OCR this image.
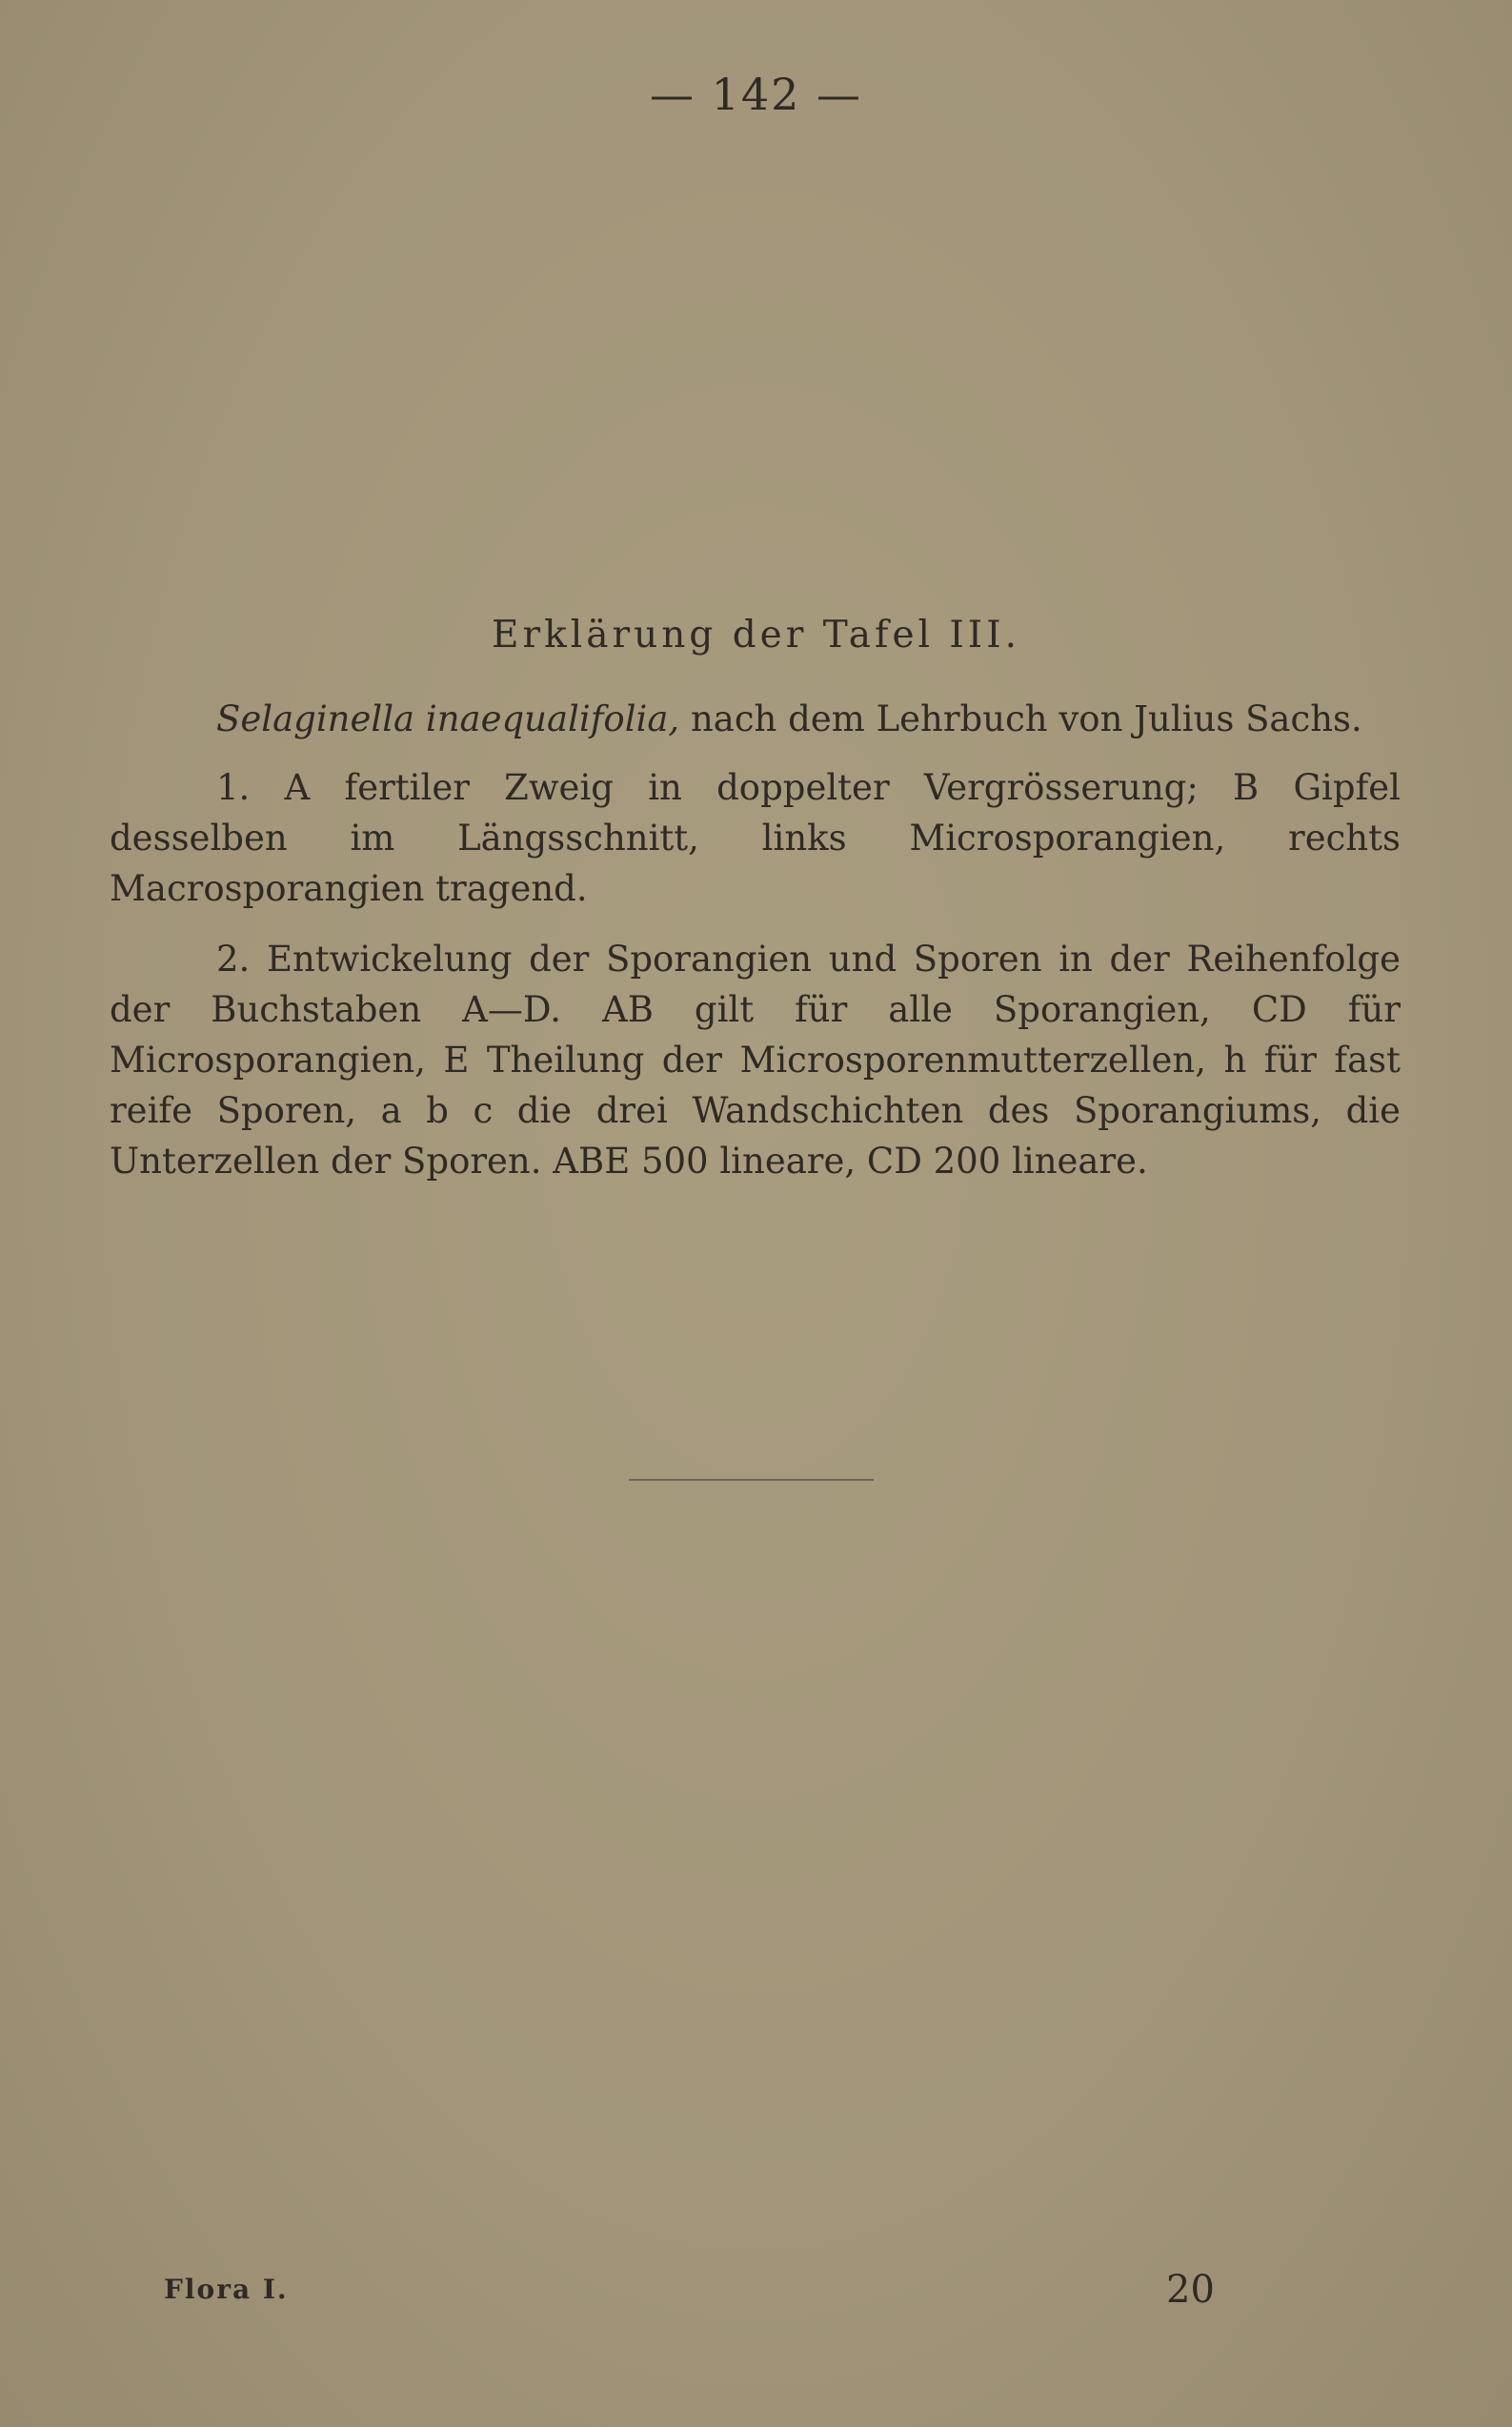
— 142 —
Erklärung der Tafel III.
Selaginella inaequalifolia, nach dem Lehrbuch von Julius Sachs.
1. A fertiler Zweig in doppelter Vergrösserung; B Gipfel desselben im Längsschnitt, links Microsporangien, rechts Macrosporangien tragend.
2. Entwickelung der Sporangien und Sporen in der Reihenfolge der Buchstaben A—D. AB gilt für alle Sporangien, CD für Microsporangien, E Theilung der Microsporenmutterzellen, h für fast reife Sporen, a b c die drei Wandschichten des Sporangiums, die Unterzellen der Sporen. ABE 500 lineare, CD 200 lineare.
Flora I.	20
